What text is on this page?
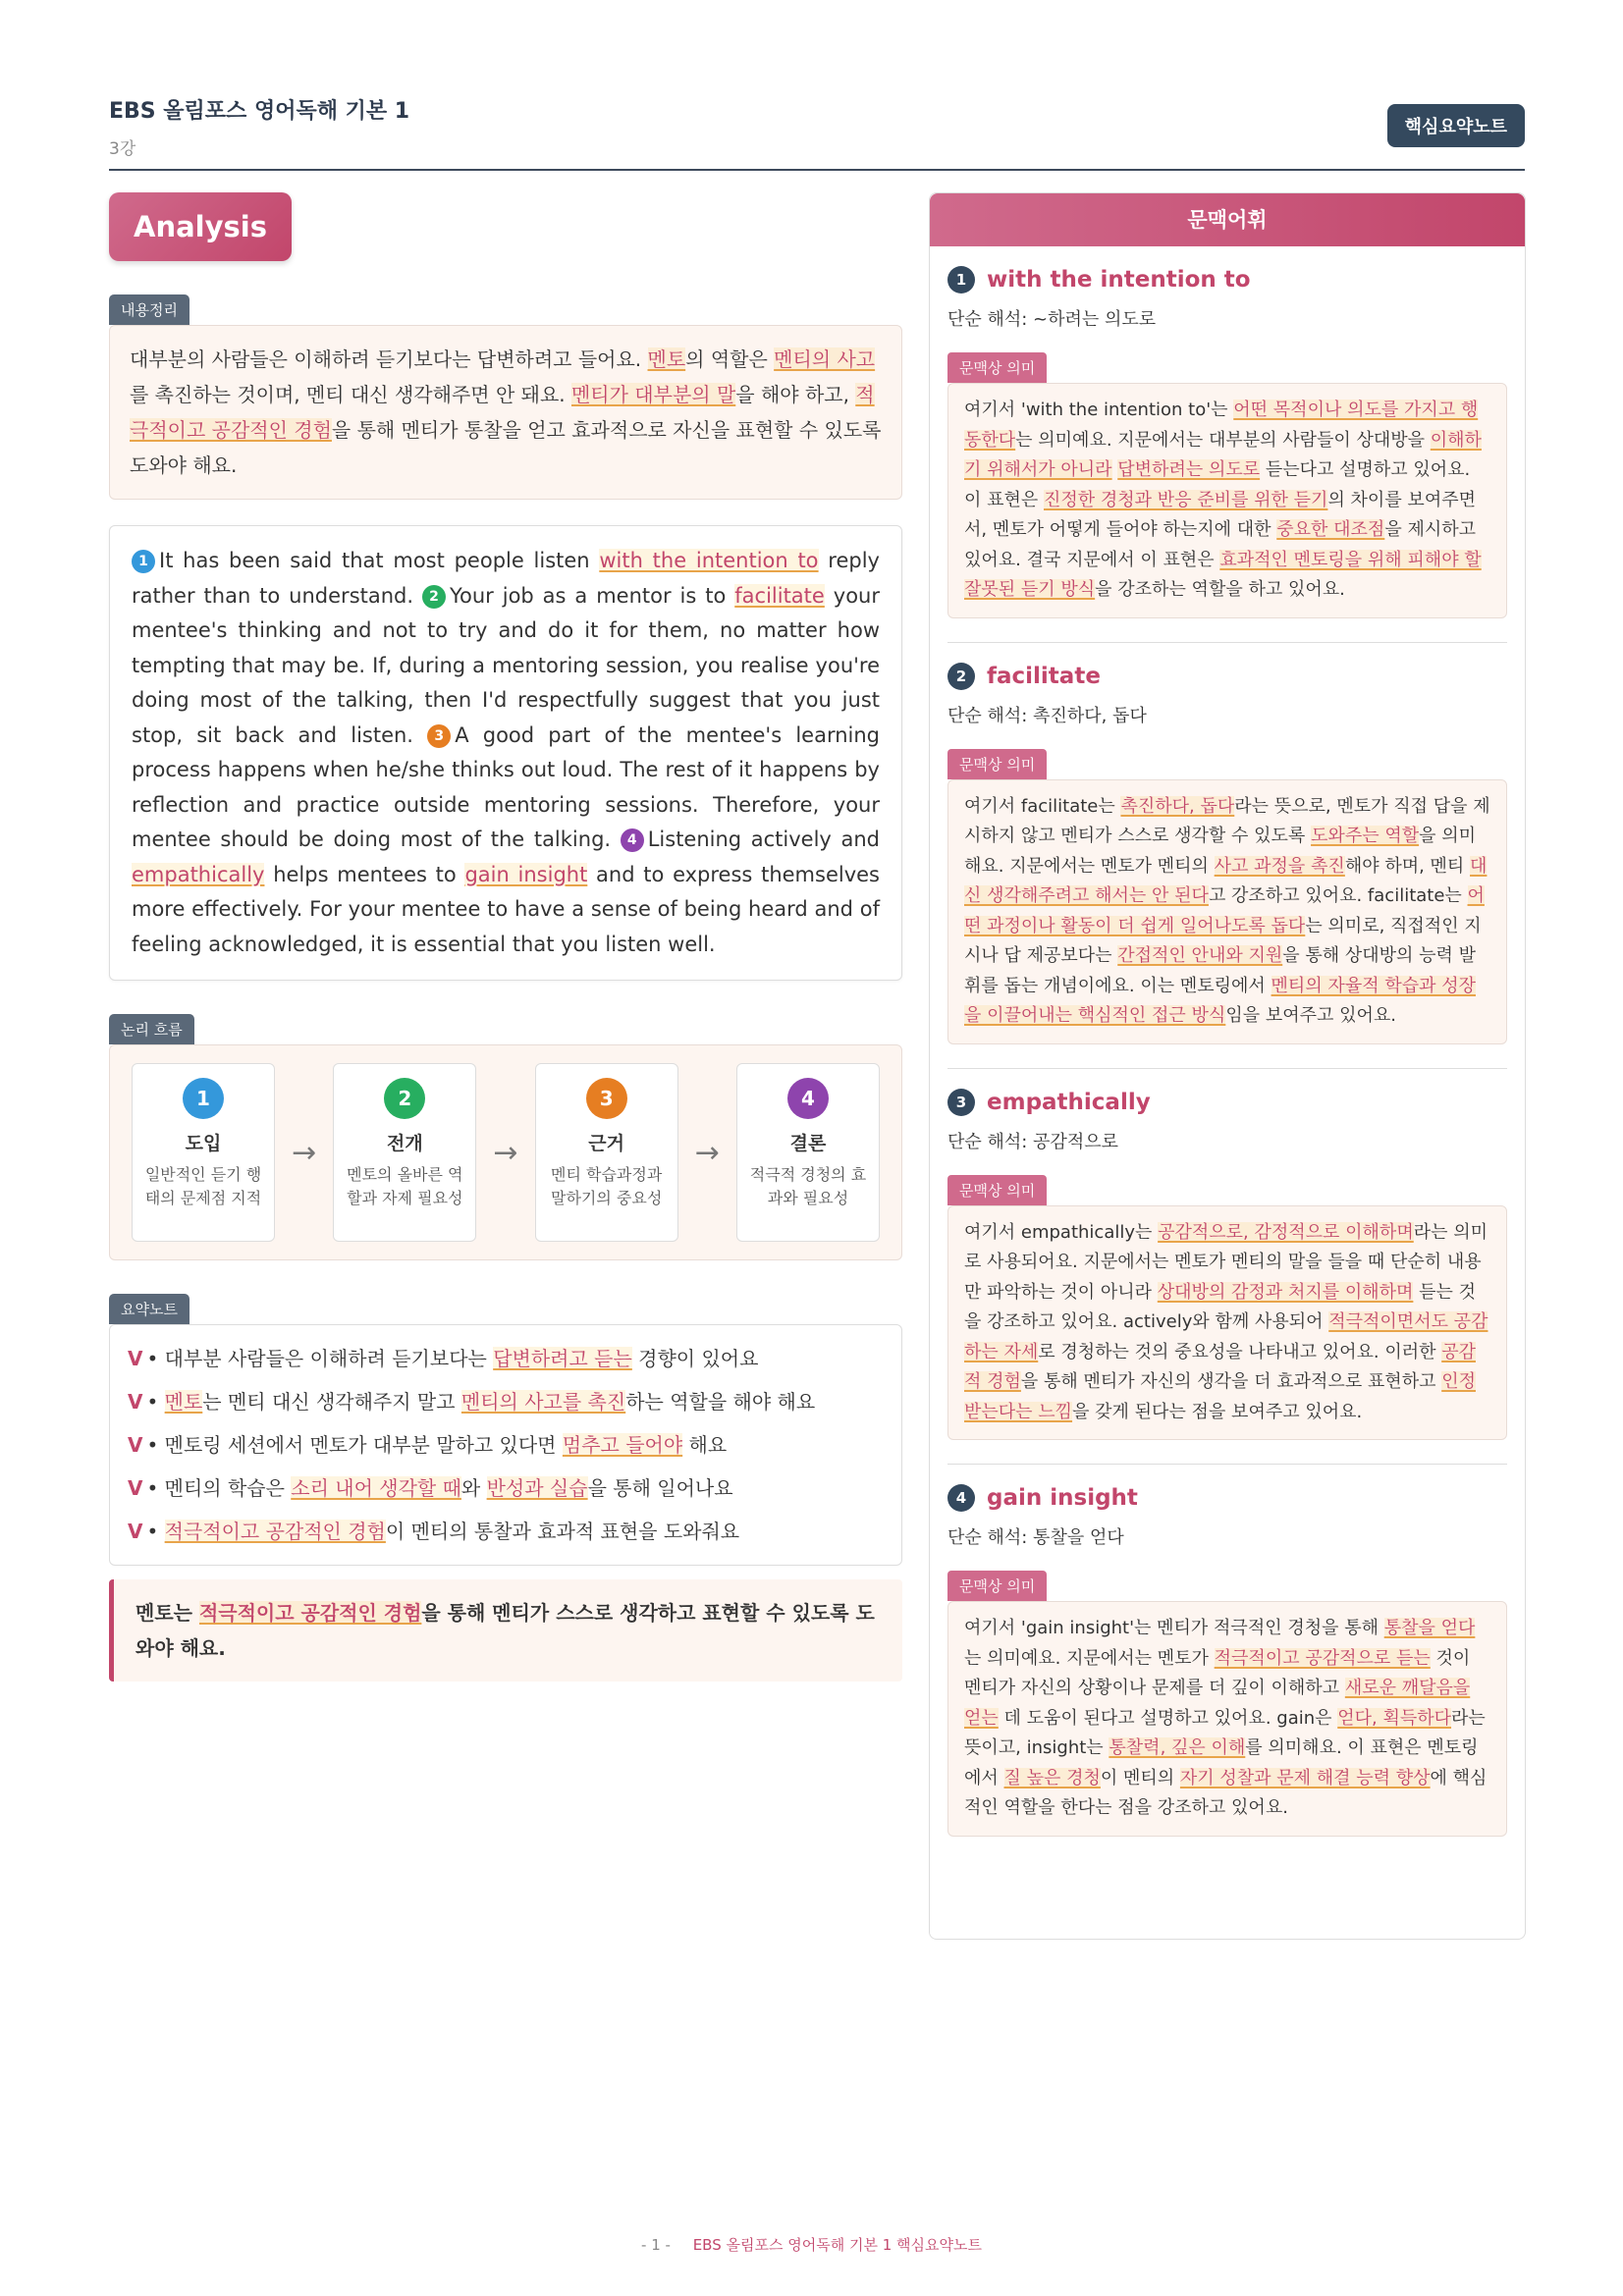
EBS 올림포스 영어독해 기본 1
3강
핵심요약노트
Analysis
내용정리
대부분의 사람들은 이해하려 듣기보다는 답변하려고 들어요. 멘토의 역할은 멘티의 사고를 촉진하는 것이며, 멘티 대신 생각해주면 안 돼요. 멘티가 대부분의 말을 해야 하고, 적극적이고 공감적인 경험을 통해 멘티가 통찰을 얻고 효과적으로 자신을 표현할 수 있도록 도와야 해요.
1 It has been said that most people listen with the intention to reply rather than to understand. 2 Your job as a mentor is to facilitate your mentee's thinking and not to try and do it for them, no matter how tempting that may be. If, during a mentoring session, you realise you're doing most of the talking, then I'd respectfully suggest that you just stop, sit back and listen. 3 A good part of the mentee's learning process happens when he/she thinks out loud. The rest of it happens by reflection and practice outside mentoring sessions. Therefore, your mentee should be doing most of the talking. 4 Listening actively and empathically helps mentees to gain insight and to express themselves more effectively. For your mentee to have a sense of being heard and of feeling acknowledged, it is essential that you listen well.
논리 흐름
1
도입
일반적인 듣기 행태의 문제점 지적
→
2
전개
멘토의 올바른 역할과 자제 필요성
→
3
근거
멘티 학습과정과 말하기의 중요성
→
4
결론
적극적 경청의 효과와 필요성
요약노트
V • 대부분 사람들은 이해하려 듣기보다는 답변하려고 듣는 경향이 있어요
V • 멘토는 멘티 대신 생각해주지 말고 멘티의 사고를 촉진하는 역할을 해야 해요
V • 멘토링 세션에서 멘토가 대부분 말하고 있다면 멈추고 들어야 해요
V • 멘티의 학습은 소리 내어 생각할 때와 반성과 실습을 통해 일어나요
V • 적극적이고 공감적인 경험이 멘티의 통찰과 효과적 표현을 도와줘요
멘토는 적극적이고 공감적인 경험을 통해 멘티가 스스로 생각하고 표현할 수 있도록 도와야 해요.
문맥어휘
1 with the intention to
단순 해석: ~하려는 의도로
문맥상 의미
여기서 'with the intention to'는 어떤 목적이나 의도를 가지고 행동한다는 의미예요. 지문에서는 대부분의 사람들이 상대방을 이해하기 위해서가 아니라 답변하려는 의도로 듣는다고 설명하고 있어요. 이 표현은 진정한 경청과 반응 준비를 위한 듣기의 차이를 보여주면서, 멘토가 어떻게 들어야 하는지에 대한 중요한 대조점을 제시하고 있어요. 결국 지문에서 이 표현은 효과적인 멘토링을 위해 피해야 할 잘못된 듣기 방식을 강조하는 역할을 하고 있어요.
2 facilitate
단순 해석: 촉진하다, 돕다
문맥상 의미
여기서 facilitate는 촉진하다, 돕다라는 뜻으로, 멘토가 직접 답을 제시하지 않고 멘티가 스스로 생각할 수 있도록 도와주는 역할을 의미해요. 지문에서는 멘토가 멘티의 사고 과정을 촉진해야 하며, 멘티 대신 생각해주려고 해서는 안 된다고 강조하고 있어요. facilitate는 어떤 과정이나 활동이 더 쉽게 일어나도록 돕다는 의미로, 직접적인 지시나 답 제공보다는 간접적인 안내와 지원을 통해 상대방의 능력 발휘를 돕는 개념이에요. 이는 멘토링에서 멘티의 자율적 학습과 성장을 이끌어내는 핵심적인 접근 방식임을 보여주고 있어요.
3 empathically
단순 해석: 공감적으로
문맥상 의미
여기서 empathically는 공감적으로, 감정적으로 이해하며라는 의미로 사용되어요. 지문에서는 멘토가 멘티의 말을 들을 때 단순히 내용만 파악하는 것이 아니라 상대방의 감정과 처지를 이해하며 듣는 것을 강조하고 있어요. actively와 함께 사용되어 적극적이면서도 공감하는 자세로 경청하는 것의 중요성을 나타내고 있어요. 이러한 공감적 경험을 통해 멘티가 자신의 생각을 더 효과적으로 표현하고 인정받는다는 느낌을 갖게 된다는 점을 보여주고 있어요.
4 gain insight
단순 해석: 통찰을 얻다
문맥상 의미
여기서 'gain insight'는 멘티가 적극적인 경청을 통해 통찰을 얻다는 의미예요. 지문에서는 멘토가 적극적이고 공감적으로 듣는 것이 멘티가 자신의 상황이나 문제를 더 깊이 이해하고 새로운 깨달음을 얻는 데 도움이 된다고 설명하고 있어요. gain은 얻다, 획득하다라는 뜻이고, insight는 통찰력, 깊은 이해를 의미해요. 이 표현은 멘토링에서 질 높은 경청이 멘티의 자기 성찰과 문제 해결 능력 향상에 핵심적인 역할을 한다는 점을 강조하고 있어요.
- 1 - EBS 올림포스 영어독해 기본 1 핵심요약노트
